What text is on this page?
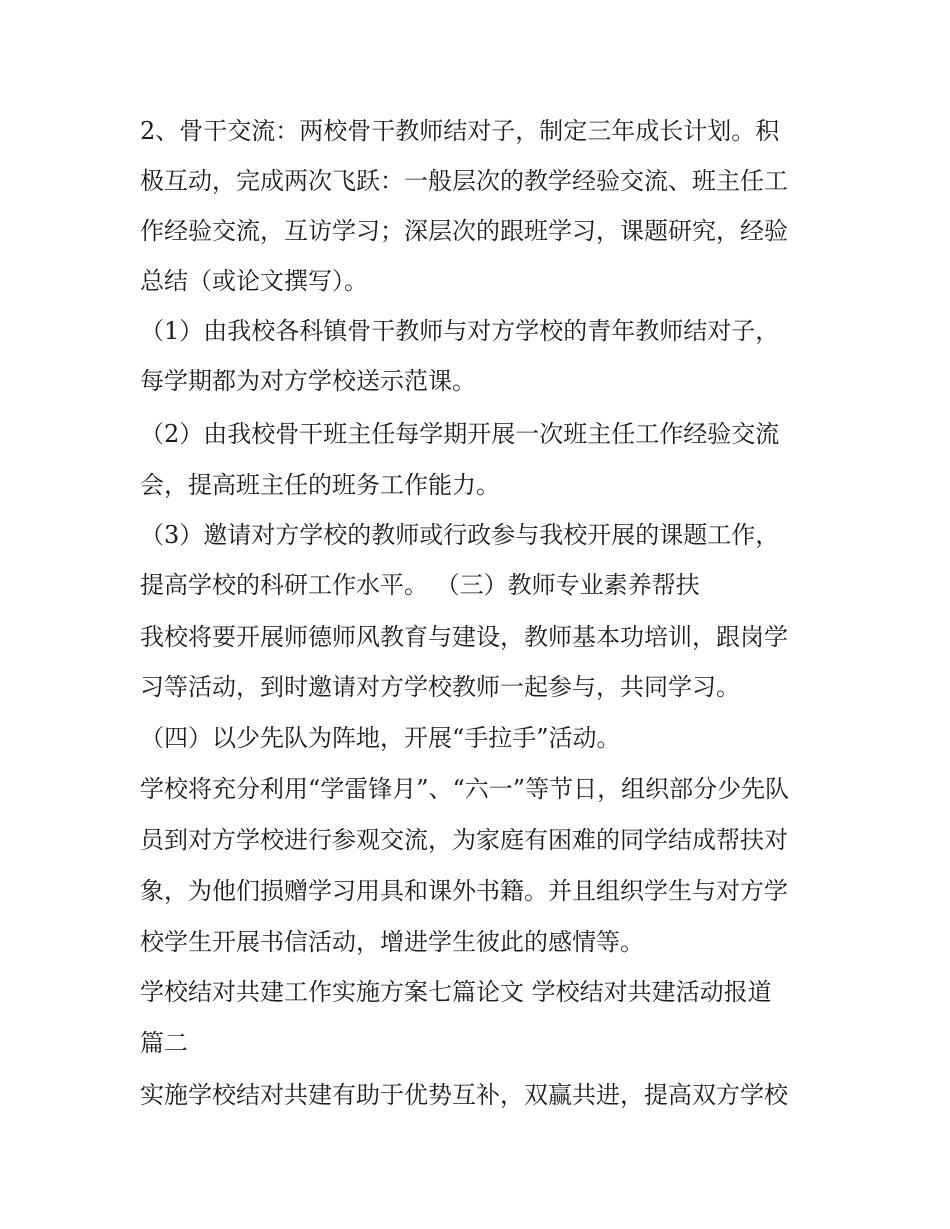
2、骨干交流：两校骨干教师结对子，制定三年成长计划。积
极互动，完成两次飞跃：一般层次的教学经验交流、班主任工
作经验交流，互访学习；深层次的跟班学习，课题研究，经验
总结（或论文撰写）。
（1）由我校各科镇骨干教师与对方学校的青年教师结对子，
每学期都为对方学校送示范课。
（2）由我校骨干班主任每学期开展一次班主任工作经验交流
会，提高班主任的班务工作能力。
（3）邀请对方学校的教师或行政参与我校开展的课题工作，
提高学校的科研工作水平。 （三）教师专业素养帮扶
我校将要开展师德师风教育与建设，教师基本功培训，跟岗学
习等活动，到时邀请对方学校教师一起参与，共同学习。
（四）以少先队为阵地，开展“手拉手”活动。
学校将充分利用“学雷锋月”、“六一”等节日，组织部分少先队
员到对方学校进行参观交流，为家庭有困难的同学结成帮扶对
象，为他们损赠学习用具和课外书籍。并且组织学生与对方学
校学生开展书信活动，增进学生彼此的感情等。
学校结对共建工作实施方案七篇论文 学校结对共建活动报道
篇二
实施学校结对共建有助于优势互补，双赢共进，提高双方学校
